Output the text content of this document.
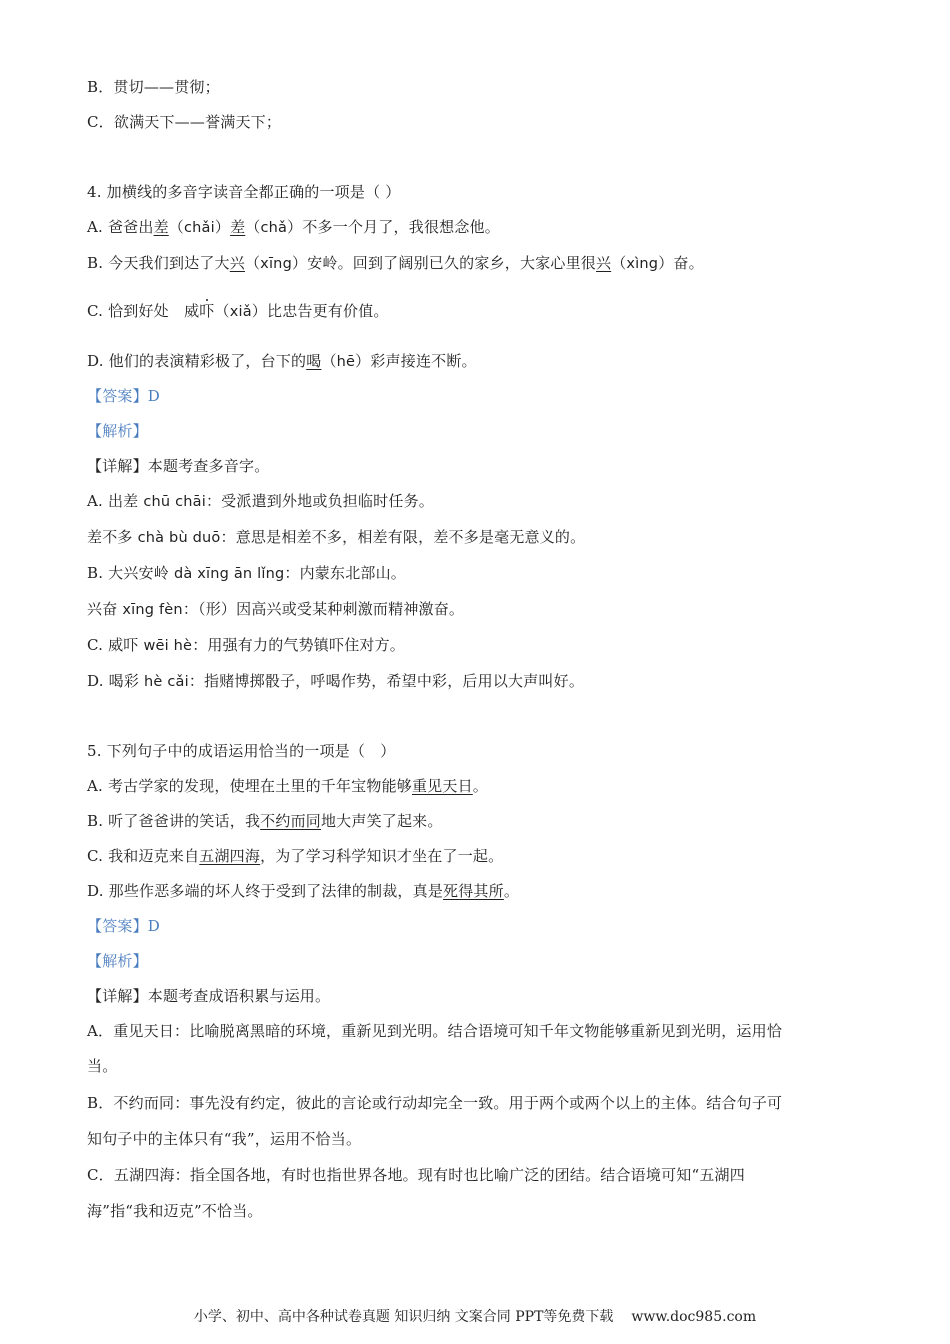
B．贯切——贯彻；
C．欲满天下——誉满天下；
4. 加横线的多音字读音全都正确的一项是（ ）
A. 爸爸出差（chǎi）差（chǎ）不多一个月了，我很想念他。
B. 今天我们到达了大兴（xīng）安岭。回到了阔别已久的家乡，大家心里很兴（xìng）奋。
C. 恰到好处　威吓（xiǎ）比忠告更有价值。
D. 他们的表演精彩极了，台下的喝（hē）彩声接连不断。
【答案】D
【解析】
【详解】本题考查多音字。
A. 出差 chū chāi：受派遣到外地或负担临时任务。
差不多 chà bù duō：意思是相差不多，相差有限，差不多是毫无意义的。
B. 大兴安岭 dà xīng ān lǐng：内蒙东北部山。
兴奋 xīng fèn：（形）因高兴或受某种刺激而精神激奋。
C. 威吓 wēi hè：用强有力的气势镇吓住对方。
D. 喝彩 hè cǎi：指赌博掷骰子，呼喝作势，希望中彩，后用以大声叫好。
5. 下列句子中的成语运用恰当的一项是（　）
A. 考古学家的发现，使埋在土里的千年宝物能够重见天日。
B. 听了爸爸讲的笑话，我不约而同地大声笑了起来。
C. 我和迈克来自五湖四海，为了学习科学知识才坐在了一起。
D. 那些作恶多端的坏人终于受到了法律的制裁，真是死得其所。
【答案】D
【解析】
【详解】本题考查成语积累与运用。
A．重见天日：比喻脱离黑暗的环境，重新见到光明。结合语境可知千年文物能够重新见到光明，运用恰
当。
B．不约而同：事先没有约定，彼此的言论或行动却完全一致。用于两个或两个以上的主体。结合句子可
知句子中的主体只有“我”，运用不恰当。
C．五湖四海：指全国各地，有时也指世界各地。现有时也比喻广泛的团结。结合语境可知“五湖四
海”指“我和迈克”不恰当。
小学、初中、高中各种试卷真题 知识归纳 文案合同 PPT等免费下载 www.doc985.com
